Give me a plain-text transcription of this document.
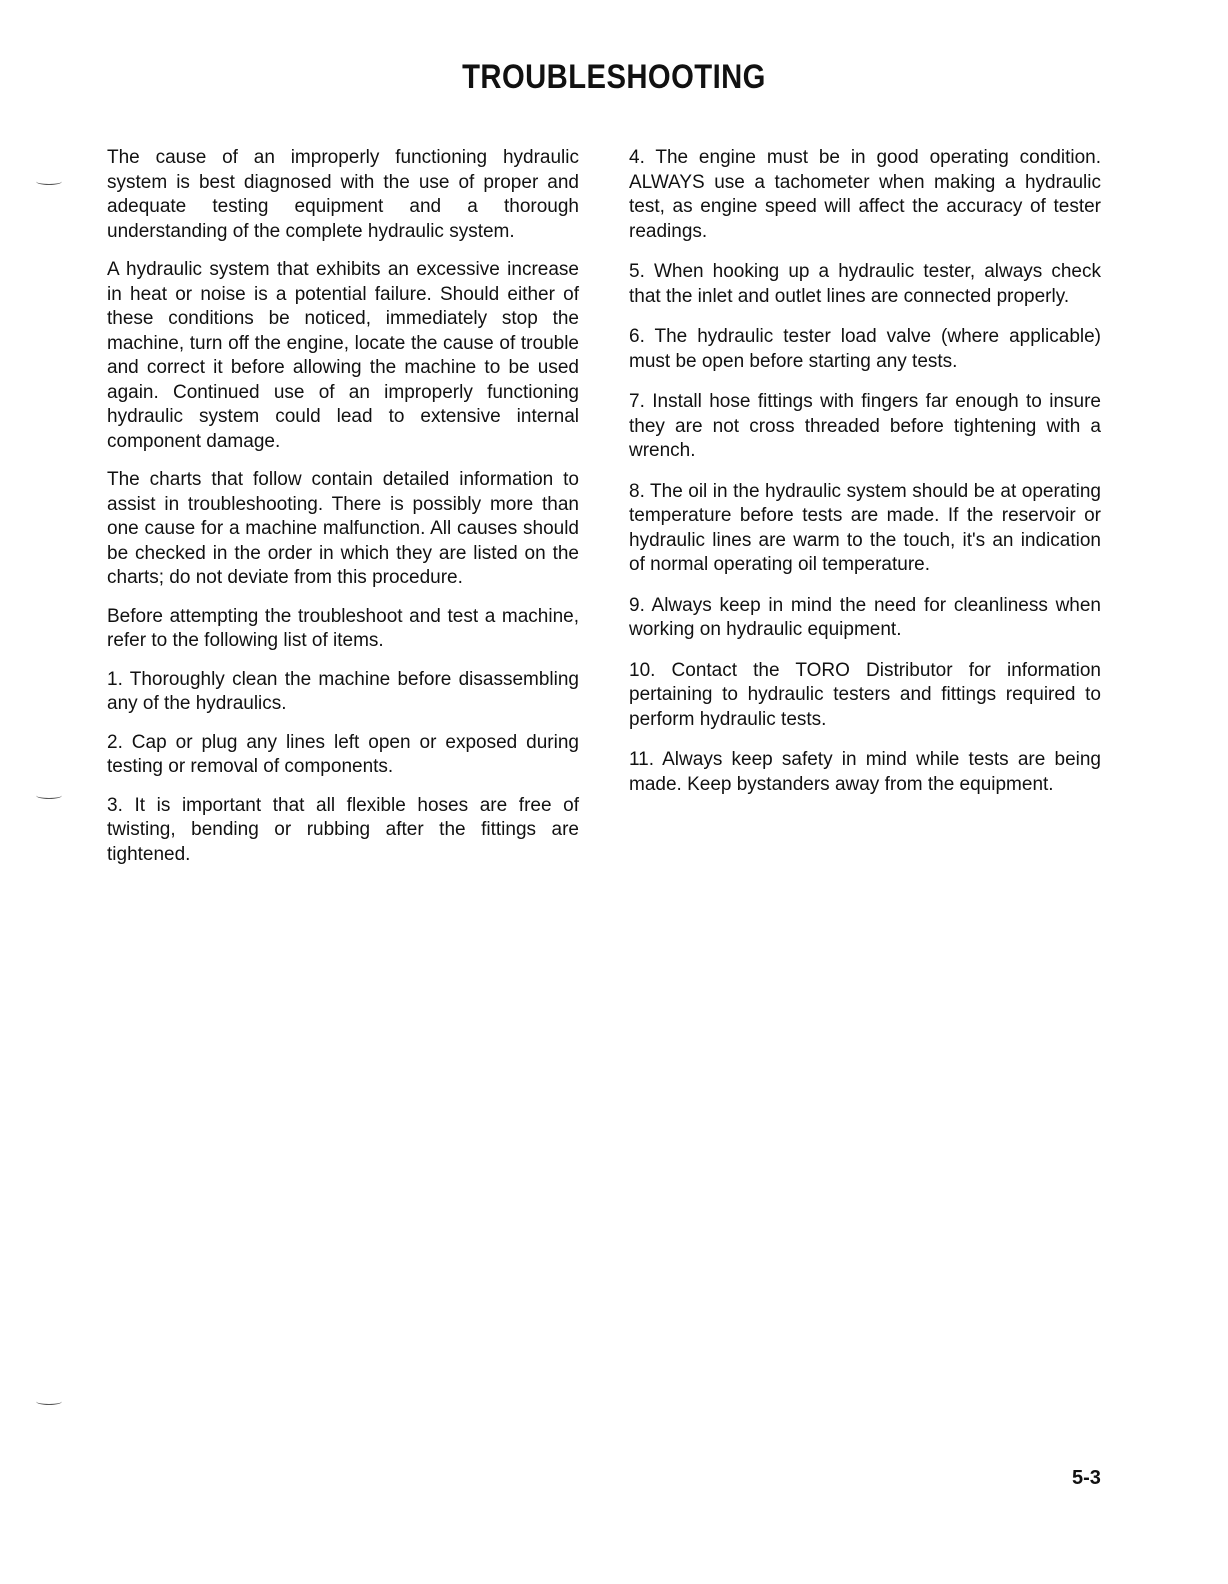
TROUBLESHOOTING

The cause of an improperly functioning hydraulic system is best diagnosed with the use of proper and adequate testing equipment and a thorough understanding of the complete hydraulic system.

A hydraulic system that exhibits an excessive increase in heat or noise is a potential failure. Should either of these conditions be noticed, immediately stop the machine, turn off the engine, locate the cause of trouble and correct it before allowing the machine to be used again. Continued use of an improperly functioning hydraulic system could lead to extensive internal component damage.

The charts that follow contain detailed information to assist in troubleshooting. There is possibly more than one cause for a machine malfunction. All causes should be checked in the order in which they are listed on the charts; do not deviate from this procedure.

Before attempting the troubleshoot and test a machine, refer to the following list of items.

1. Thoroughly clean the machine before disassembling any of the hydraulics.

2. Cap or plug any lines left open or exposed during testing or removal of components.

3. It is important that all flexible hoses are free of twisting, bending or rubbing after the fittings are tightened.

4. The engine must be in good operating condition. ALWAYS use a tachometer when making a hydraulic test, as engine speed will affect the accuracy of tester readings.

5. When hooking up a hydraulic tester, always check that the inlet and outlet lines are connected properly.

6. The hydraulic tester load valve (where applicable) must be open before starting any tests.

7. Install hose fittings with fingers far enough to insure they are not cross threaded before tightening with a wrench.

8. The oil in the hydraulic system should be at operating temperature before tests are made. If the reservoir or hydraulic lines are warm to the touch, it's an indication of normal operating oil temperature.

9. Always keep in mind the need for cleanliness when working on hydraulic equipment.

10. Contact the TORO Distributor for information pertaining to hydraulic testers and fittings required to perform hydraulic tests.

11. Always keep safety in mind while tests are being made. Keep bystanders away from the equipment.

5-3
